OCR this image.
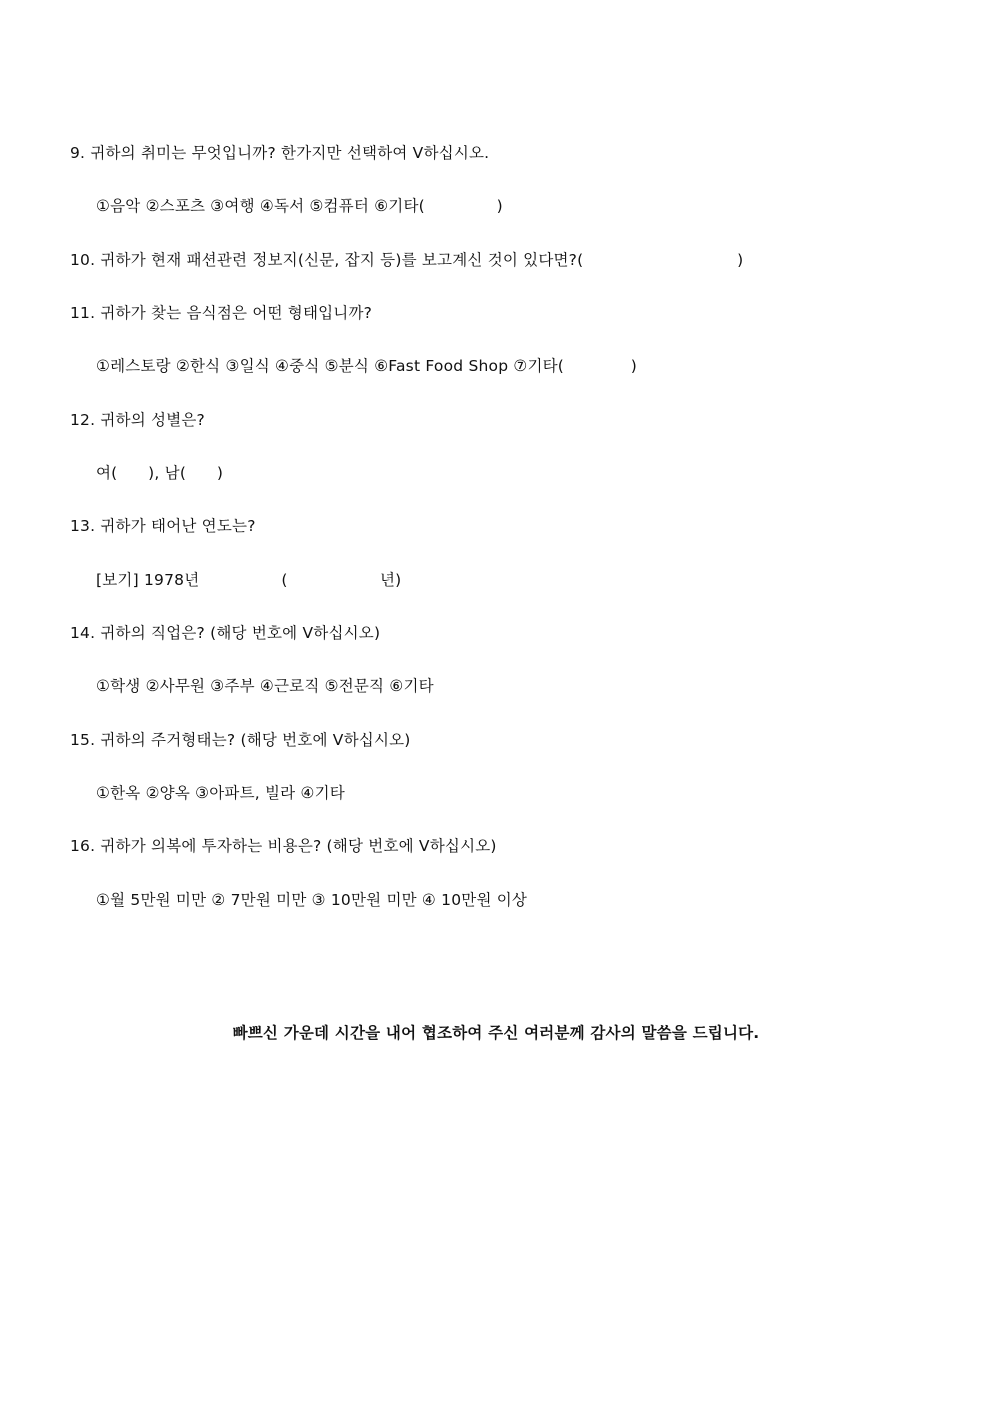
9. 귀하의 취미는 무엇입니까? 한가지만 선택하여 V하십시오.
①음악 ②스포츠 ③여행 ④독서 ⑤컴퓨터 ⑥기타(              )
10. 귀하가 현재 패션관련 정보지(신문, 잡지 등)를 보고계신 것이 있다면?(                              )
11. 귀하가 찾는 음식점은 어떤 형태입니까?
①레스토랑 ②한식 ③일식 ④중식 ⑤분식 ⑥Fast Food Shop ⑦기타(             )
12. 귀하의 성별은?
여(      ), 남(      )
13. 귀하가 태어난 연도는?
[보기] 1978년                (                  년)
14. 귀하의 직업은? (해당 번호에 V하십시오)
①학생 ②사무원 ③주부 ④근로직 ⑤전문직 ⑥기타
15. 귀하의 주거형태는? (해당 번호에 V하십시오)
①한옥 ②양옥 ③아파트, 빌라 ④기타
16. 귀하가 의복에 투자하는 비용은? (해당 번호에 V하십시오)
①월 5만원 미만 ② 7만원 미만 ③ 10만원 미만 ④ 10만원 이상
빠쁘신 가운데 시간을 내어 협조하여 주신 여러분께 감사의 말씀을 드립니다.
